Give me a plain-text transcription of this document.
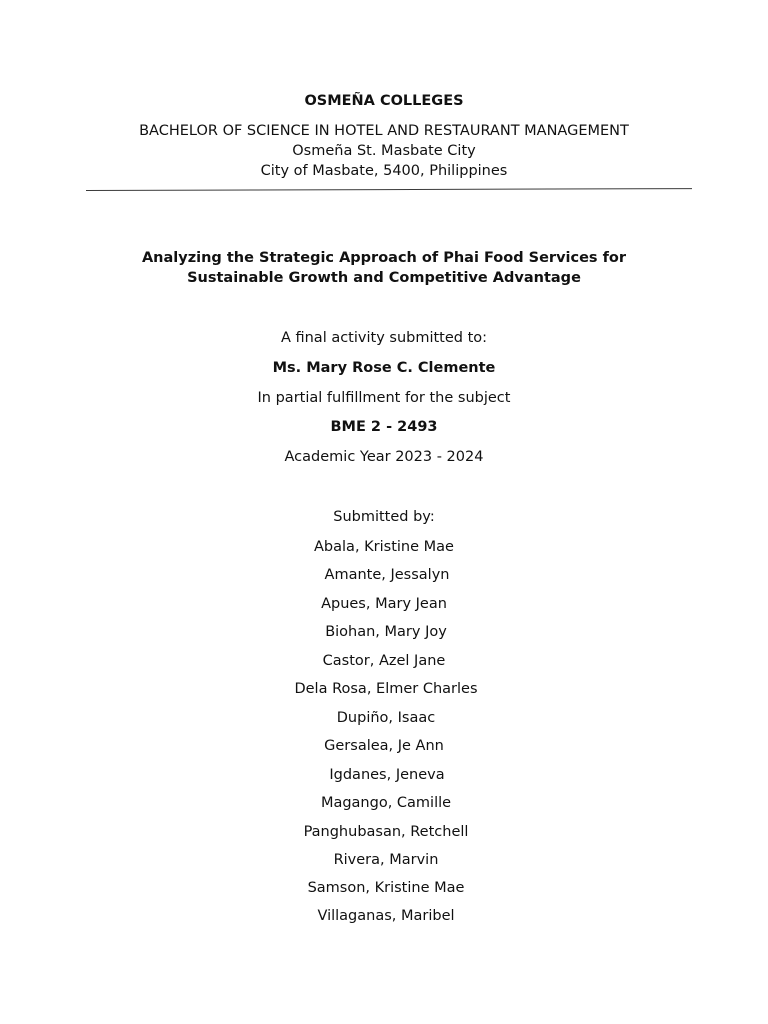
OSMEÑA COLLEGES
BACHELOR OF SCIENCE IN HOTEL AND RESTAURANT MANAGEMENT
Osmeña St. Masbate City
City of Masbate, 5400, Philippines
Analyzing the Strategic Approach of Phai Food Services for
Sustainable Growth and Competitive Advantage
A final activity submitted to:
Ms. Mary Rose C. Clemente
In partial fulfillment for the subject
BME 2 - 2493
Academic Year 2023 - 2024
Submitted by:
Abala, Kristine Mae
Amante, Jessalyn
Apues, Mary Jean
Biohan, Mary Joy
Castor, Azel Jane
Dela Rosa, Elmer Charles
Dupiño, Isaac
Gersalea, Je Ann
Igdanes, Jeneva
Magango, Camille
Panghubasan, Retchell
Rivera, Marvin
Samson, Kristine Mae
Villaganas, Maribel
